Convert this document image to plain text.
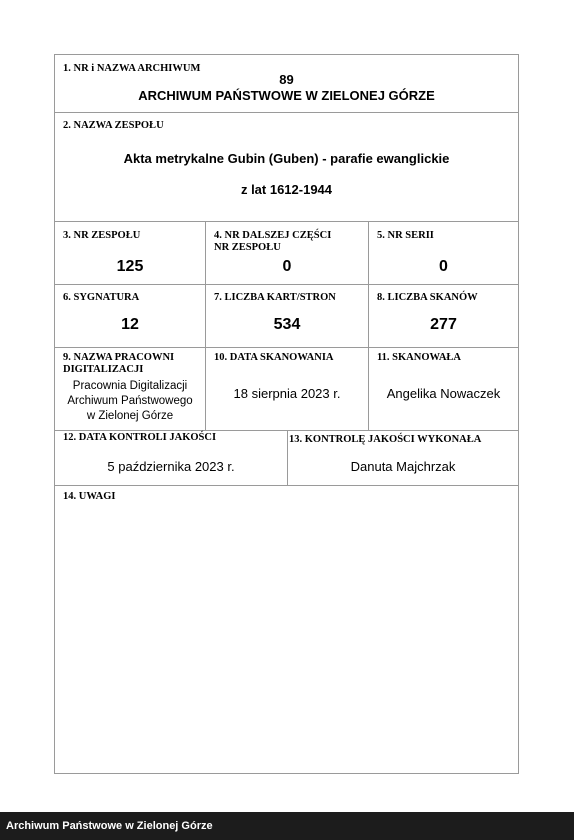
1. NR i NAZWA ARCHIWUM
89
ARCHIWUM PAŃSTWOWE W ZIELONEJ GÓRZE
2. NAZWA ZESPOŁU
Akta metrykalne Gubin (Guben) - parafie ewanglickie
z lat 1612-1944
3. NR ZESPOŁU
125
4. NR DALSZEJ CZĘŚCI
NR ZESPOŁU
0
5. NR SERII
0
6. SYGNATURA
12
7. LICZBA KART/STRON
534
8. LICZBA SKANÓW
277
9. NAZWA PRACOWNI
DIGITALIZACJI
Pracownia Digitalizacji
Archiwum Państwowego
w Zielonej Górze
10. DATA SKANOWANIA
18 sierpnia 2023 r.
11. SKANOWAŁA
Angelika Nowaczek
12. DATA KONTROLI JAKOŚCI
5 października 2023 r.
13. KONTROLĘ JAKOŚCI WYKONAŁA
Danuta Majchrzak
14. UWAGI
Archiwum Państwowe w Zielonej Górze
